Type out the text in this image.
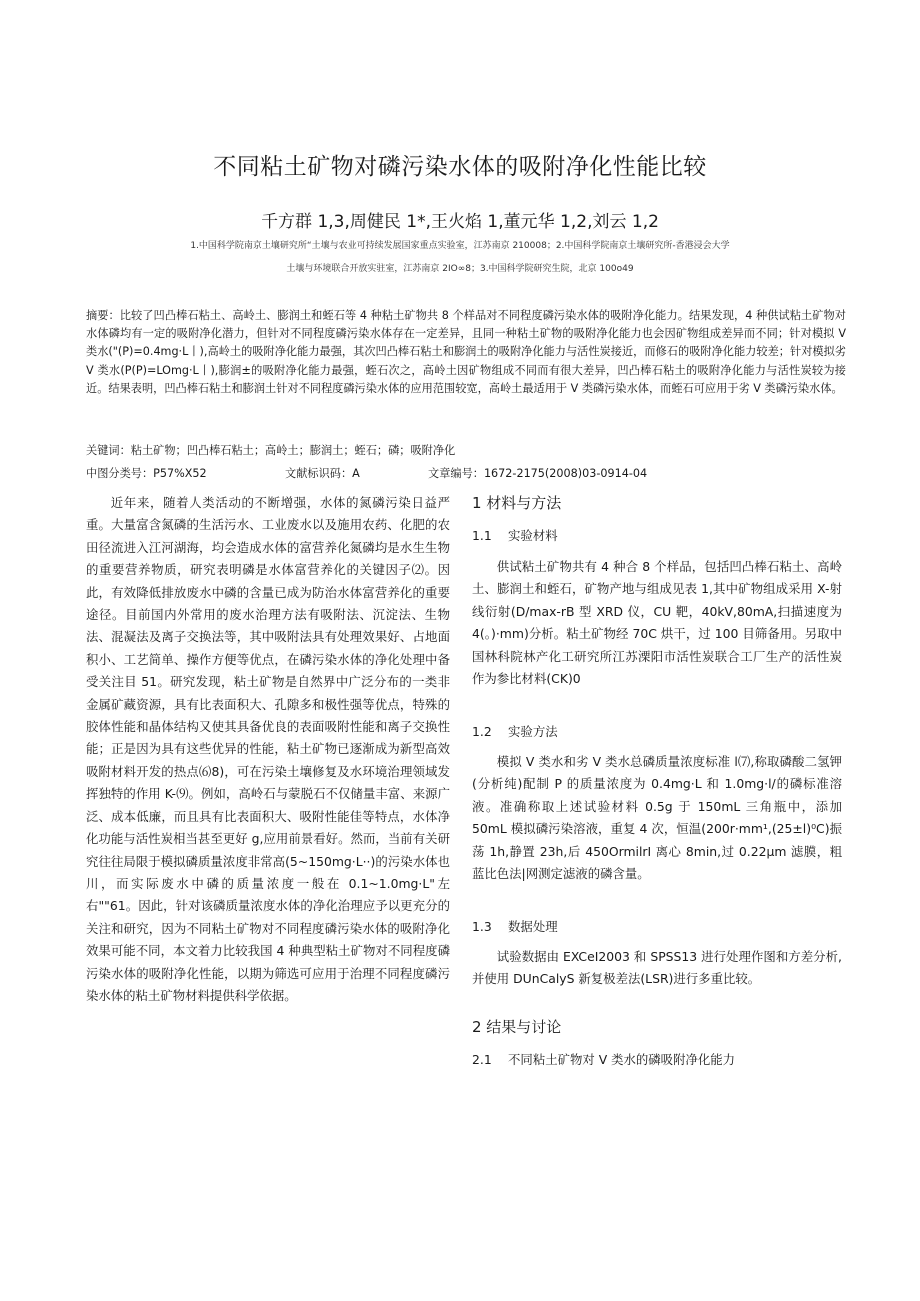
不同粘土矿物对磷污染水体的吸附净化性能比较

千方群 1,3,周健民 1*,王火焰 1,董元华 1,2,刘云 1,2

1.中国科学院南京土壤研究所“土壤与农业可持续发展国家重点实验室，江苏南京 210008；2.中国科学院南京土壤研究所-香港浸会大学

土壤与环境联合开放实驻室，江苏南京 2IO∞8；3.中国科学院研究生院，北京 100o49

摘要：比较了凹凸棒石粘土、高岭土、膨润土和蛭石等 4 种粘土矿物共 8 个样品对不同程度磷污染水体的吸附净化能力。结果发现，4 种供试粘土矿物对水体磷均有一定的吸附净化潜力，但针对不同程度磷污染水体存在一定差异，且同一种粘土矿物的吸附净化能力也会因矿物组成差异而不同；针对模拟 V 类水("(P)=0.4mg·L丨),高岭土的吸附净化能力最强，其次凹凸棒石粘土和膨润土的吸附净化能力与活性炭接近，而修石的吸附净化能力较差；针对模拟劣 V 类水(P(P)=LOmg·L丨),膨润±的吸附净化能力最强，蛭石次之，高岭土因矿物组成不同而有很大差异，凹凸棒石粘土的吸附净化能力与活性炭较为接近。结果表明，凹凸棒石粘土和膨润土针对不同程度磷污染水体的应用范围较宽，高岭土最适用于 V 类磷污染水体，而蛭石可应用于劣 V 类磷污染水体。

关键词：粘土矿物；凹凸棒石粘土；高岭土；膨润土；蛭石；磷；吸附净化

中图分类号：P57%X52	文献标识码：A	文章编号：1672-2175(2008)03-0914-04

近年来，随着人类活动的不断增强，水体的氮磷污染日益严重。大量富含氮磷的生活污水、工业废水以及施用农药、化肥的农田径流进入江河湖海，均会造成水体的富营养化氮磷均是水生生物的重要营养物质，研究表明磷是水体富营养化的关键因子⑵。因此，有效降低排放废水中磷的含量已成为防治水体富营养化的重要途径。目前国内外常用的废水治理方法有吸附法、沉淀法、生物法、混凝法及离子交换法等，其中吸附法具有处理效果好、占地面积小、工艺简单、操作方便等优点，在磷污染水体的净化处理中备受关注目 51。研究发现，粘土矿物是自然界中广泛分布的一类非金属矿藏资源，具有比表面积大、孔隙多和极性强等优点，特殊的胶体性能和晶体结构又使其具备优良的表面吸附性能和离子交换性能；正是因为具有这些优异的性能，粘土矿物已逐渐成为新型高效吸附材料开发的热点⑹8)，可在污染土壤修复及水环境治理领域发挥独特的作用 K-⑼。例如，高岭石与蒙脱石不仅储量丰富、来源广泛、成本低廉，而且具有比表面积大、吸附性能佳等特点，水体净化功能与活性炭相当甚至更好 g,应用前景看好。然而，当前有关研究往往局限于模拟磷质量浓度非常高(5~150mg·L··)的污染水体也川，而实际废水中磷的质量浓度一般在 0.1~1.0mg·L"左右""61。因此，针对该磷质量浓度水体的净化治理应予以更充分的关注和研究，因为不同粘土矿物对不同程度磷污染水体的吸附净化效果可能不同，本文着力比较我国 4 种典型粘土矿物对不同程度磷污染水体的吸附净化性能，以期为筛选可应用于治理不同程度磷污染水体的粘土矿物材料提供科学依据。

1 材料与方法
1.1　 实验材料
供试粘土矿物共有 4 种合 8 个样品，包括凹凸棒石粘土、高岭土、膨润土和蛭石，矿物产地与组成见表 1,其中矿物组成采用 X-射线衍射(D/max-rB 型 XRD 仪，CU 靶，40kV,80mA,扫描速度为 4(。)·mm)分析。粘土矿物经 70C 烘干，过 100 目筛备用。另取中国林科院林产化工研究所江苏溧阳市活性炭联合工厂生产的活性炭作为参比材料(CK)0
1.2　 实验方法
模拟 V 类水和劣 V 类水总磷质量浓度标准 l⑺,称取磷酸二氢钾(分析纯)配制 P 的质量浓度为 0.4mg·L 和 1.0mg·l/的磷标准溶液。准确称取上述试验材料 0.5g 于 150mL 三角瓶中，添加 50mL 模拟磷污染溶液，重复 4 次，恒温(200r·mm¹,(25±l)⁰C)振荡 1h,静置 23h,后 450OrmilrI 离心 8min,过 0.22μm 滤膜，粗蓝比色法|网测定滤液的磷含量。
1.3　 数据处理
试验数据由 EXCeI2003 和 SPSS13 进行处理作图和方差分析,并使用 DUnCalyS 新复极差法(LSR)进行多重比较。
2 结果与讨论
2.1　 不同粘土矿物对 V 类水的磷吸附净化能力
